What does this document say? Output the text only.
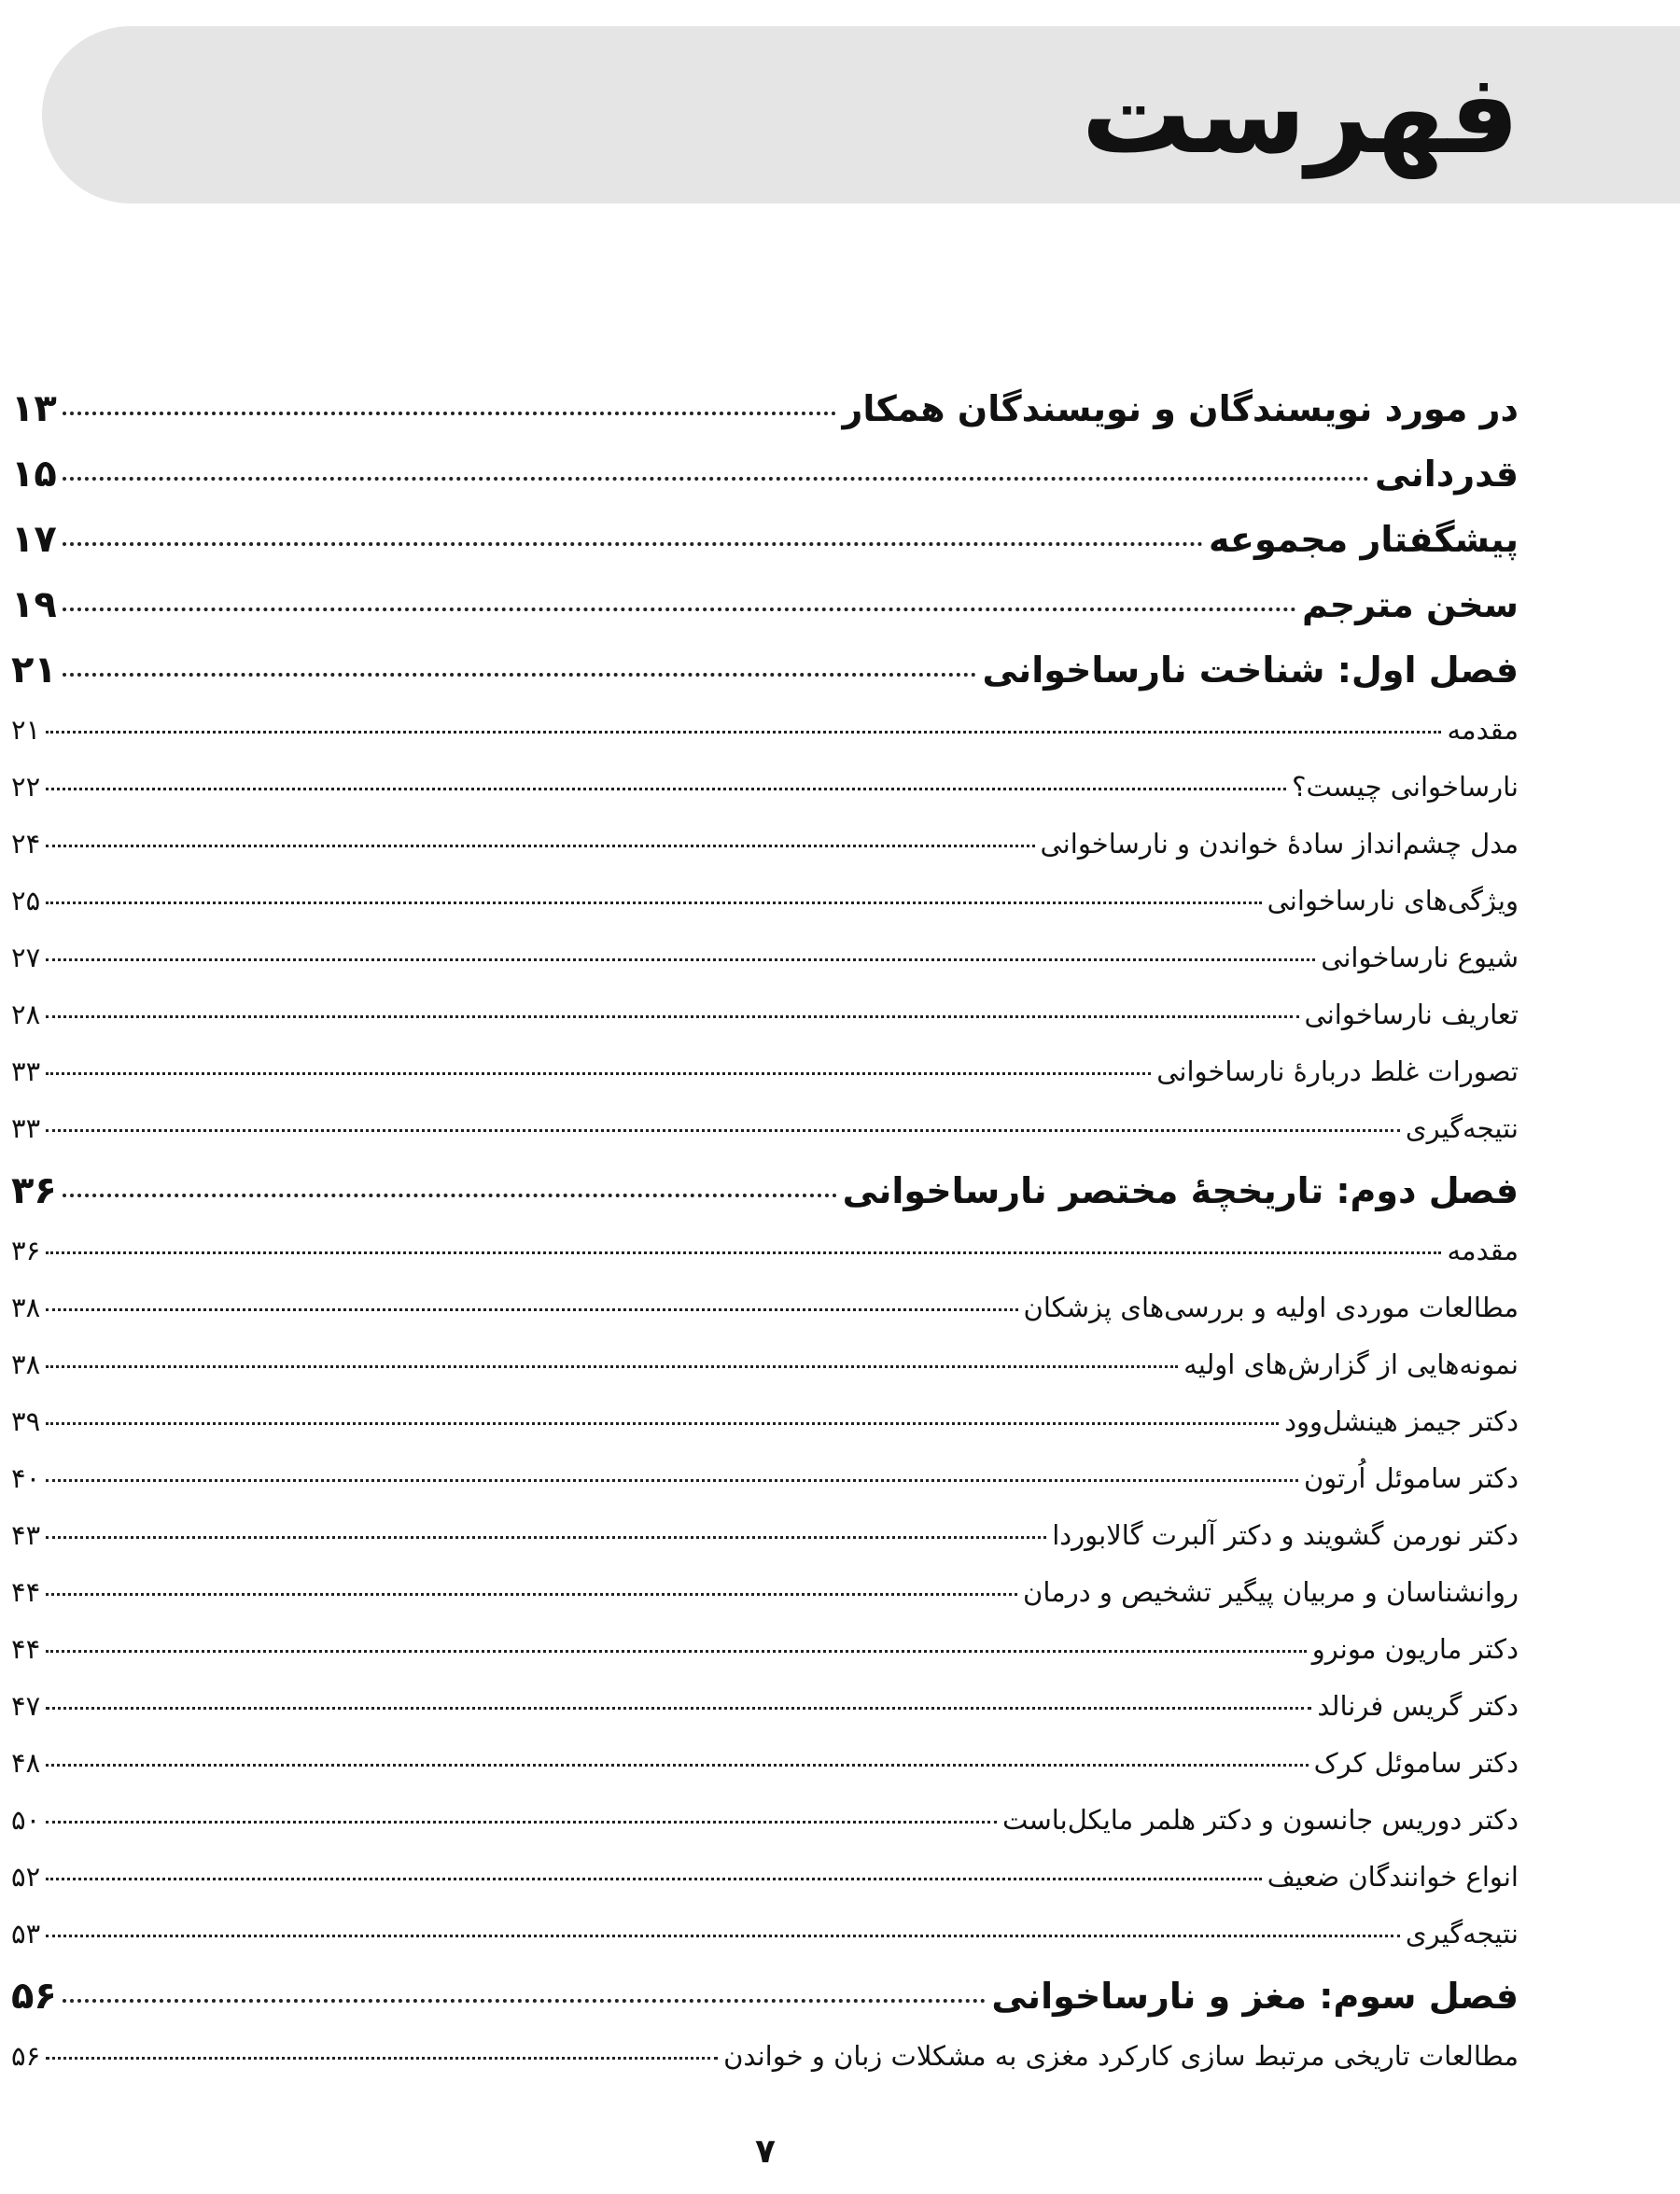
فهرست
در مورد نویسندگان و نویسندگان همکار
۱۳
قدردانی
۱۵
پیشگفتار مجموعه
۱۷
سخن مترجم
۱۹
فصل اول: شناخت نارساخوانی
۲۱
مقدمه
۲۱
نارساخوانی چیست؟
۲۲
مدل چشم‌انداز سادۀ خواندن و نارساخوانی
۲۴
ویژگی‌های نارساخوانی
۲۵
شیوع نارساخوانی
۲۷
تعاریف نارساخوانی
۲۸
تصورات غلط دربارۀ نارساخوانی
۳۳
نتیجه‌گیری
۳۳
فصل دوم: تاریخچۀ مختصر نارساخوانی
۳۶
مقدمه
۳۶
مطالعات موردی اولیه و بررسی‌های پزشکان
۳۸
نمونه‌هایی از گزارش‌های اولیه
۳۸
دکتر جیمز هینشل‌وود
۳۹
دکتر ساموئل اُرتون
۴۰
دکتر نورمن گشویند و دکتر آلبرت گالابوردا
۴۳
روانشناسان و مربیان پیگیر تشخیص و درمان
۴۴
دکتر ماریون مونرو
۴۴
دکتر گریس فرنالد
۴۷
دکتر ساموئل کرک
۴۸
دکتر دوریس جانسون و دکتر هلمر مایکل‌باست
۵۰
انواع خوانندگان ضعیف
۵۲
نتیجه‌گیری
۵۳
فصل سوم: مغز و نارساخوانی
۵۶
مطالعات تاریخی مرتبط سازی کارکرد مغزی به مشکلات زبان و خواندن
۵۶
۷
